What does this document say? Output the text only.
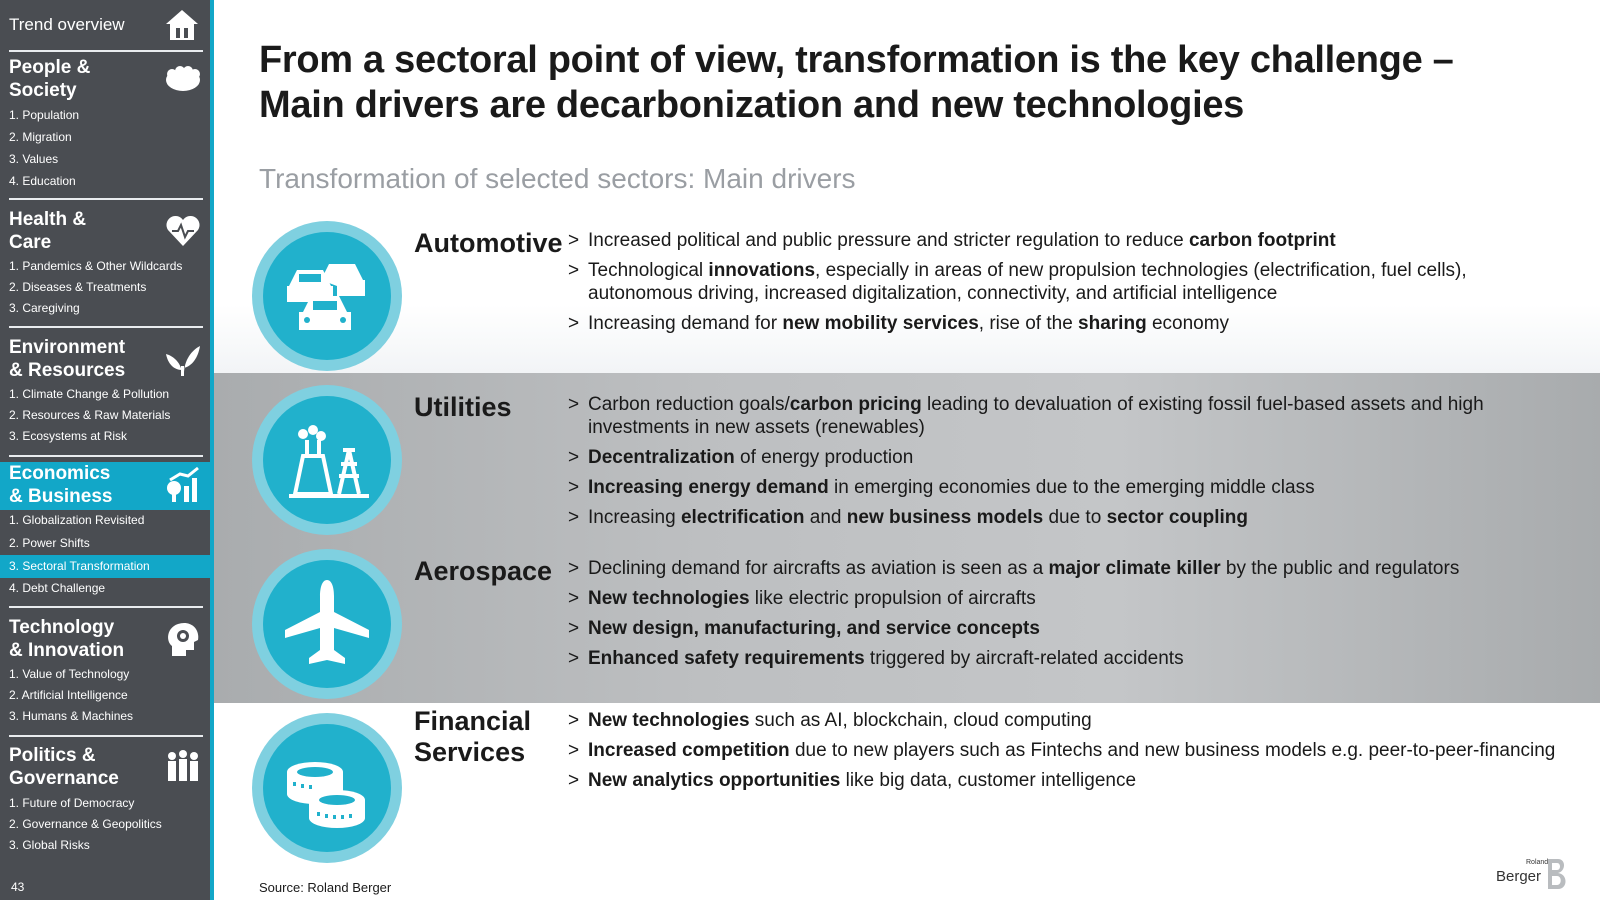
Trend overview
People &
Society
1. Population
2. Migration
3. Values
4. Education
Health &
Care
1. Pandemics & Other Wildcards
2. Diseases & Treatments
3. Caregiving
Environment
& Resources
1. Climate Change & Pollution
2. Resources & Raw Materials
3. Ecosystems at Risk
Economics
& Business
1. Globalization Revisited
2. Power Shifts
3. Sectoral Transformation
4. Debt Challenge
Technology
& Innovation
1. Value of Technology
2. Artificial Intelligence
3. Humans & Machines
Politics &
Governance
1. Future of Democracy
2. Governance & Geopolitics
3. Global Risks
43
From a sectoral point of view, transformation is the key challenge – Main drivers are decarbonization and new technologies
Transformation of selected sectors: Main drivers
Automotive	> Increased political and public pressure and stricter regulation to reduce carbon footprint
> Technological innovations, especially in areas of new propulsion technologies (electrification, fuel cells), autonomous driving, increased digitalization, connectivity, and artificial intelligence
> Increasing demand for new mobility services, rise of the sharing economy
Utilities	> Carbon reduction goals/carbon pricing leading to devaluation of existing fossil fuel-based assets and high investments in new assets (renewables)
> Decentralization of energy production
> Increasing energy demand in emerging economies due to the emerging middle class
> Increasing electrification and new business models due to sector coupling
Aerospace	> Declining demand for aircrafts as aviation is seen as a major climate killer by the public and regulators
> New technologies like electric propulsion of aircrafts
> New design, manufacturing, and service concepts
> Enhanced safety requirements triggered by aircraft-related accidents
Financial
Services
> New technologies such as AI, blockchain, cloud computing
> Increased competition due to new players such as Fintechs and new business models e.g. peer-to-peer-financing
> New analytics opportunities like big data, customer intelligence
Source: Roland Berger
Roland
Berger
